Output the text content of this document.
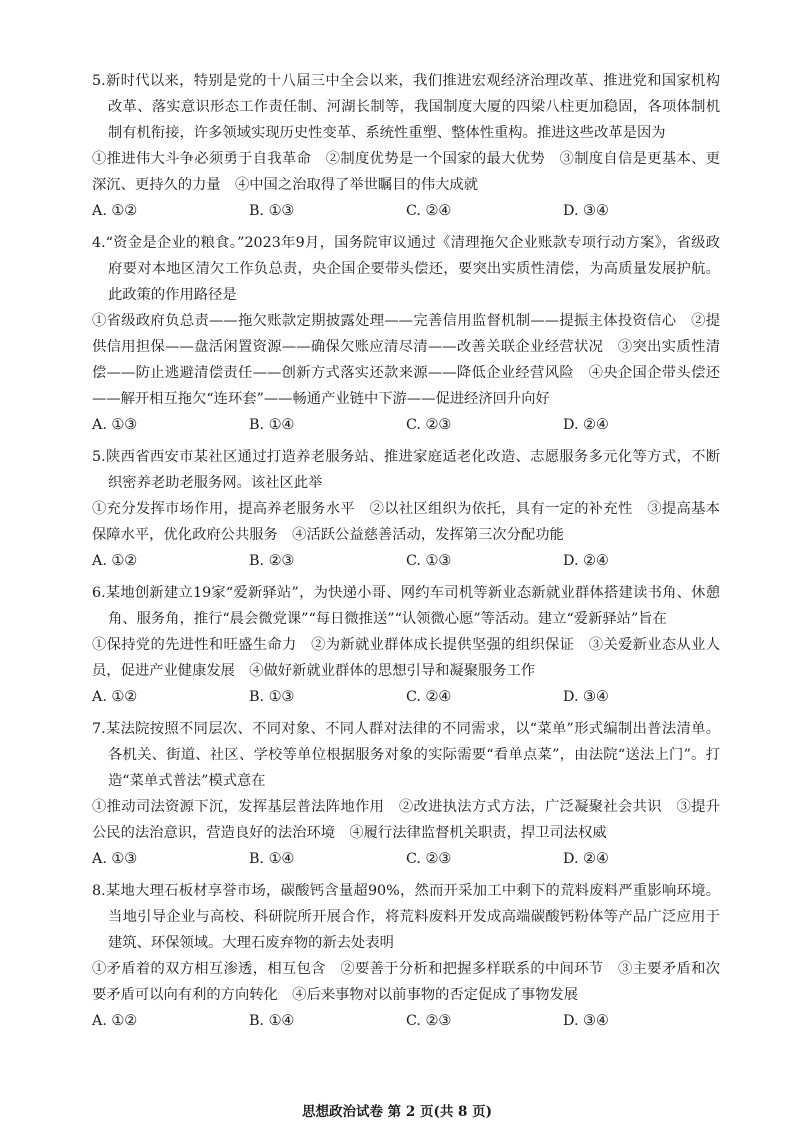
5.新时代以来，特别是党的十八届三中全会以来，我们推进宏观经济治理改革、推进党和国家机构改革、落实意识形态工作责任制、河湖长制等，我国制度大厦的四梁八柱更加稳固，各项体制机制有机衔接，许多领域实现历史性变革、系统性重塑、整体性重构。推进这些改革是因为
①推进伟大斗争必须勇于自我革命　②制度优势是一个国家的最大优势　③制度自信是更基本、更深沉、更持久的力量　④中国之治取得了举世瞩目的伟大成就
A. ①②	B. ①③	C. ②④	D. ③④
4.“资金是企业的粮食。”2023年9月，国务院审议通过《清理拖欠企业账款专项行动方案》，省级政府要对本地区清欠工作负总责，央企国企要带头偿还，要突出实质性清偿，为高质量发展护航。此政策的作用路径是
①省级政府负总责——拖欠账款定期披露处理——完善信用监督机制——提振主体投资信心　②提供信用担保——盘活闲置资源——确保欠账应清尽清——改善关联企业经营状况　③突出实质性清偿——防止逃避清偿责任——创新方式落实还款来源——降低企业经营风险　④央企国企带头偿还——解开相互拖欠“连环套”——畅通产业链中下游——促进经济回升向好
A. ①③	B. ①④	C. ②③	D. ②④
5.陕西省西安市某社区通过打造养老服务站、推进家庭适老化改造、志愿服务多元化等方式，不断织密养老助老服务网。该社区此举
①充分发挥市场作用，提高养老服务水平　②以社区组织为依托，具有一定的补充性　③提高基本保障水平，优化政府公共服务　④活跃公益慈善活动，发挥第三次分配功能
A. ①②	B. ②③	C. ①③	D. ②④
6.某地创新建立19家“爱新驿站”，为快递小哥、网约车司机等新业态新就业群体搭建读书角、休憩角、服务角，推行“晨会微党课”“每日微推送”“认领微心愿”等活动。建立“爱新驿站”旨在
①保持党的先进性和旺盛生命力　②为新就业群体成长提供坚强的组织保证　③关爱新业态从业人员，促进产业健康发展　④做好新就业群体的思想引导和凝聚服务工作
A. ①②	B. ①③	C. ②④	D. ③④
7.某法院按照不同层次、不同对象、不同人群对法律的不同需求，以“菜单”形式编制出普法清单。各机关、街道、社区、学校等单位根据服务对象的实际需要“看单点菜”，由法院“送法上门”。打造“菜单式普法”模式意在
①推动司法资源下沉，发挥基层普法阵地作用　②改进执法方式方法，广泛凝聚社会共识　③提升公民的法治意识，营造良好的法治环境　④履行法律监督机关职责，捍卫司法权威
A. ①③	B. ①④	C. ②③	D. ②④
8.某地大理石板材享誉市场，碳酸钙含量超90%，然而开采加工中剩下的荒料废料严重影响环境。当地引导企业与高校、科研院所开展合作，将荒料废料开发成高端碳酸钙粉体等产品广泛应用于建筑、环保领域。大理石废弃物的新去处表明
①矛盾着的双方相互渗透，相互包含　②要善于分析和把握多样联系的中间环节　③主要矛盾和次要矛盾可以向有利的方向转化　④后来事物对以前事物的否定促成了事物发展
A. ①②	B. ①④	C. ②③	D. ③④
思想政治试卷 第 2 页(共 8 页)
